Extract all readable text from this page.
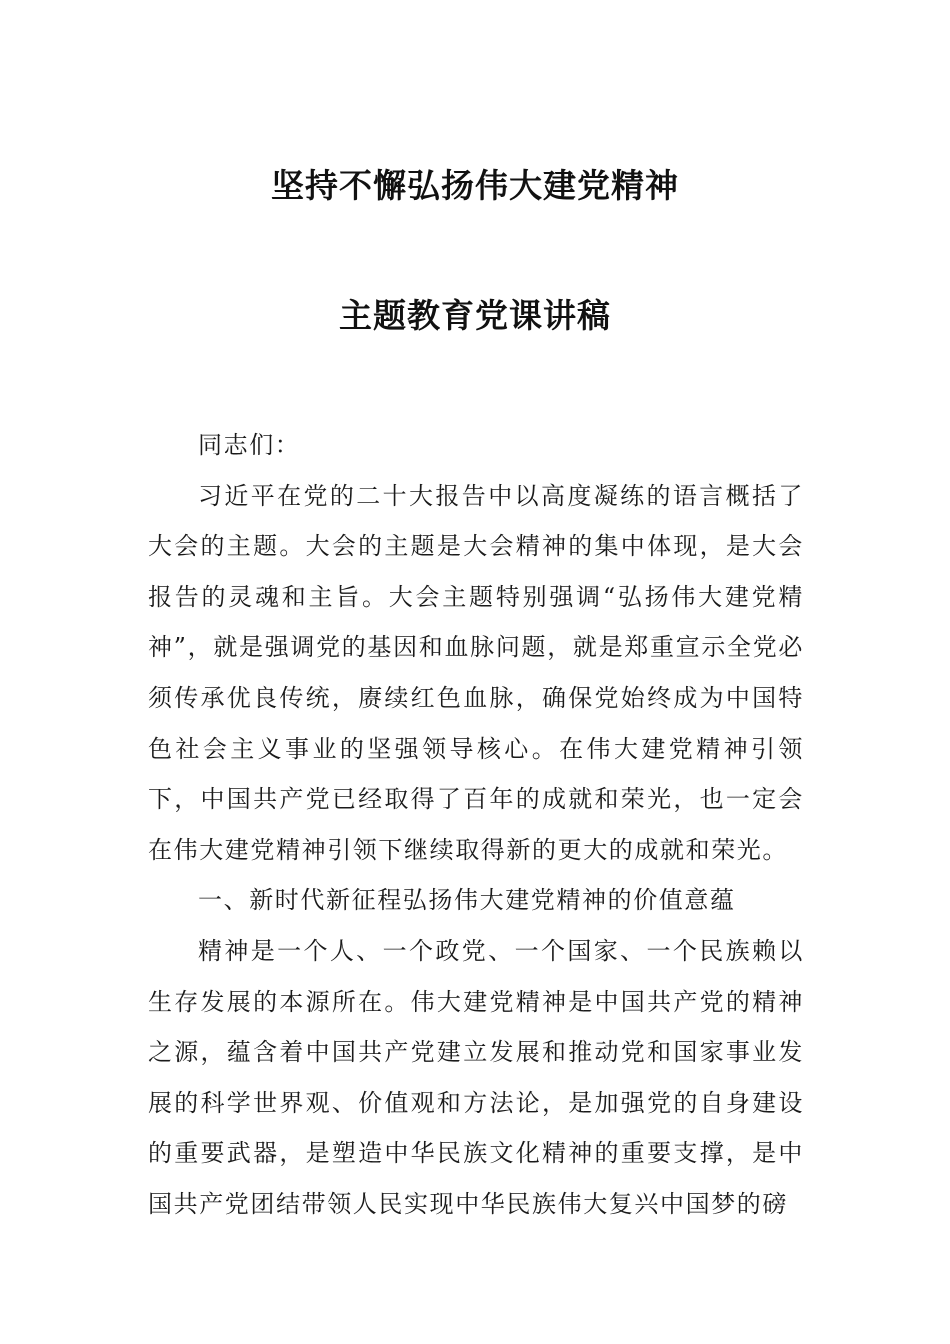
坚持不懈弘扬伟大建党精神
主题教育党课讲稿

同志们：

习近平在党的二十大报告中以高度凝练的语言概括了大会的主题。大会的主题是大会精神的集中体现，是大会报告的灵魂和主旨。大会主题特别强调“弘扬伟大建党精神”，就是强调党的基因和血脉问题，就是郑重宣示全党必须传承优良传统，赓续红色血脉，确保党始终成为中国特色社会主义事业的坚强领导核心。在伟大建党精神引领下，中国共产党已经取得了百年的成就和荣光，也一定会在伟大建党精神引领下继续取得新的更大的成就和荣光。

一、新时代新征程弘扬伟大建党精神的价值意蕴

精神是一个人、一个政党、一个国家、一个民族赖以生存发展的本源所在。伟大建党精神是中国共产党的精神之源，蕴含着中国共产党建立发展和推动党和国家事业发展的科学世界观、价值观和方法论，是加强党的自身建设的重要武器，是塑造中华民族文化精神的重要支撑，是中国共产党团结带领人民实现中华民族伟大复兴中国梦的磅
